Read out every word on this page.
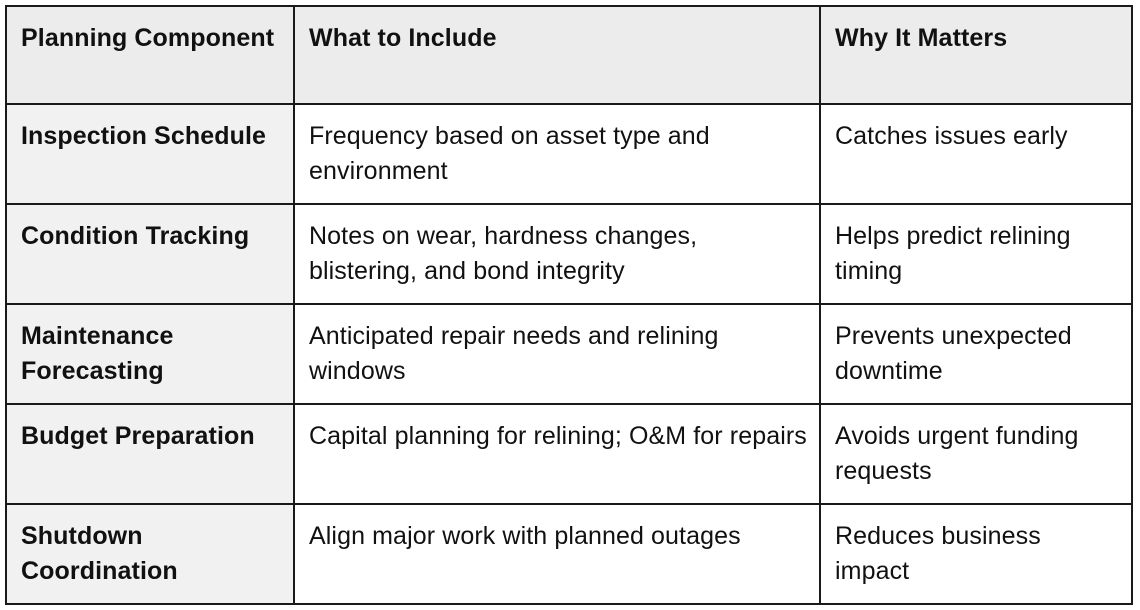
Planning Component	What to Include	Why It Matters
Inspection Schedule	Frequency based on asset type and environment	Catches issues early
Condition Tracking	Notes on wear, hardness changes, blistering, and bond integrity	Helps predict relining timing
Maintenance Forecasting	Anticipated repair needs and relining windows	Prevents unexpected downtime
Budget Preparation	Capital planning for relining; O&M for repairs	Avoids urgent funding requests
Shutdown Coordination	Align major work with planned outages	Reduces business impact
